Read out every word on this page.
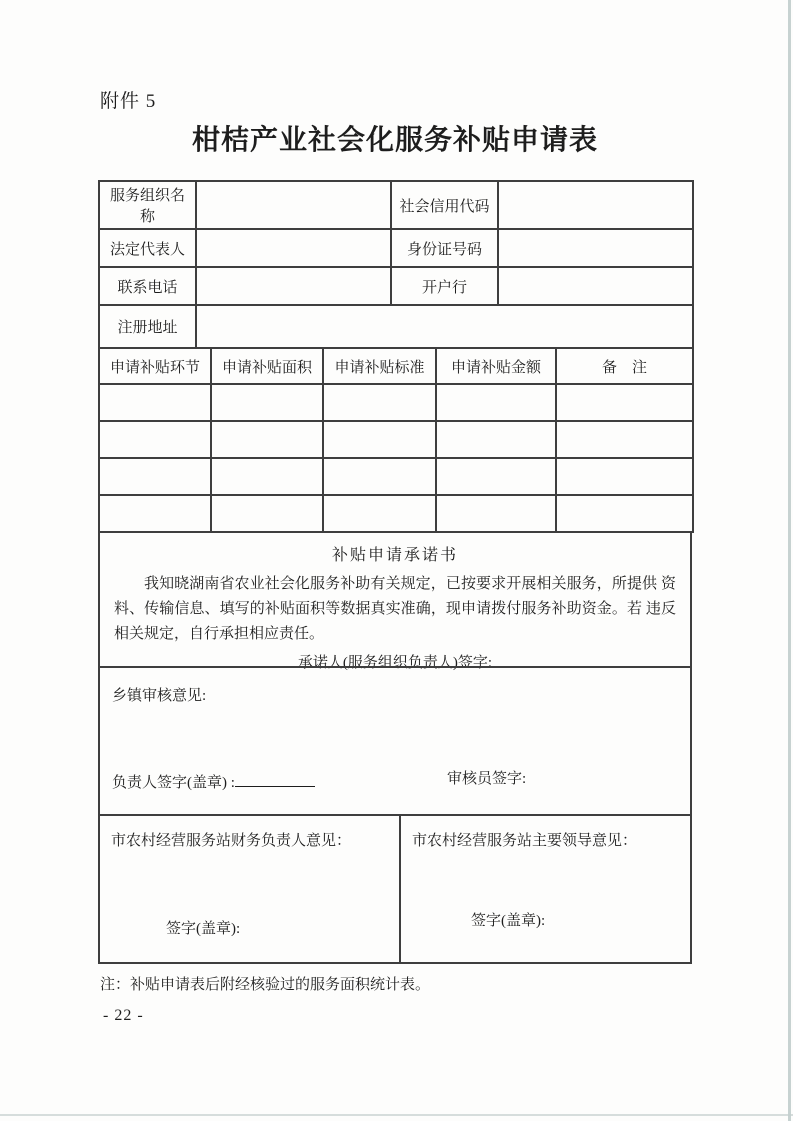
附件 5
柑桔产业社会化服务补贴申请表
服务组织名称		社会信用代码	
法定代表人		身份证号码	
联系电话		开户行	
注册地址			
申请补贴环节	申请补贴面积	申请补贴标准	申请补贴金额	备　注

补贴申请承诺书

我知晓湖南省农业社会化服务补助有关规定，已按要求开展相关服务，所提供 资料、传输信息、填写的补贴面积等数据真实准确，现申请拨付服务补助资金。若 违反相关规定，自行承担相应责任。

承诺人(服务组织负责人)签字:
乡镇审核意见:
负责人签字(盖章) :	审核员签字:
市农村经营服务站财务负责人意见：
签字(盖章):
市农村经营服务站主要领导意见：
签字(盖章):
注：补贴申请表后附经核验过的服务面积统计表。
- 22 -
